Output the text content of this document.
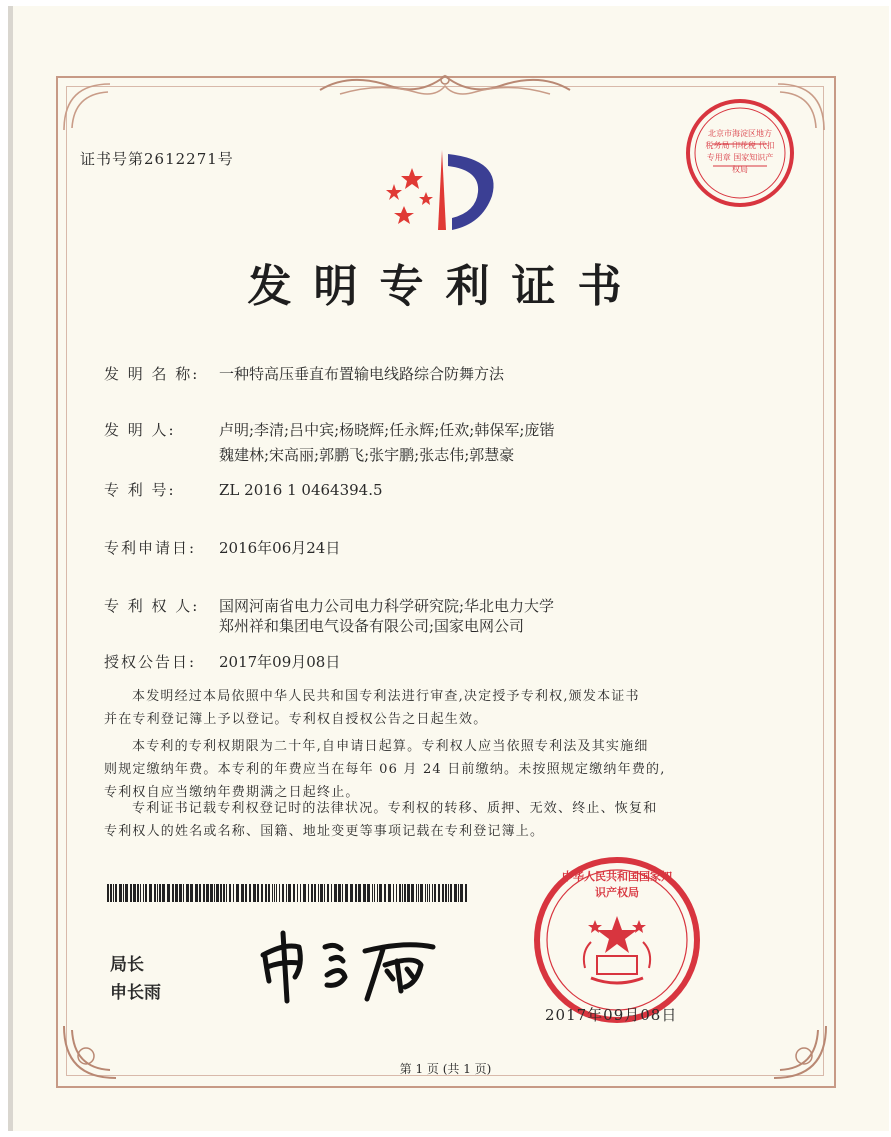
证书号第2612271号
北京市海淀区地方税务局 印花税 代扣专用章 国家知识产权局
发明专利证书
发 明 名 称: 一种特高压垂直布置输电线路综合防舞方法
发 明 人:	卢明;李清;吕中宾;杨晓辉;任永辉;任欢;韩保军;庞锴
魏建林;宋高丽;郭鹏飞;张宇鹏;张志伟;郭慧豪
专 利 号:	ZL 2016 1 0464394.5
专利申请日: 2016年06月24日
专 利 权 人: 国网河南省电力公司电力科学研究院;华北电力大学
郑州祥和集团电气设备有限公司;国家电网公司
授权公告日: 2017年09月08日
本发明经过本局依照中华人民共和国专利法进行审查,决定授予专利权,颁发本证书
并在专利登记簿上予以登记。专利权自授权公告之日起生效。
本专利的专利权期限为二十年,自申请日起算。专利权人应当依照专利法及其实施细
则规定缴纳年费。本专利的年费应当在每年 06 月 24 日前缴纳。未按照规定缴纳年费的,
专利权自应当缴纳年费期满之日起终止。
专利证书记载专利权登记时的法律状况。专利权的转移、质押、无效、终止、恢复和
专利权人的姓名或名称、国籍、地址变更等事项记载在专利登记簿上。
局长
申长雨
中华人民共和国国家知识产权局
2017年09月08日
第 1 页 (共 1 页)
